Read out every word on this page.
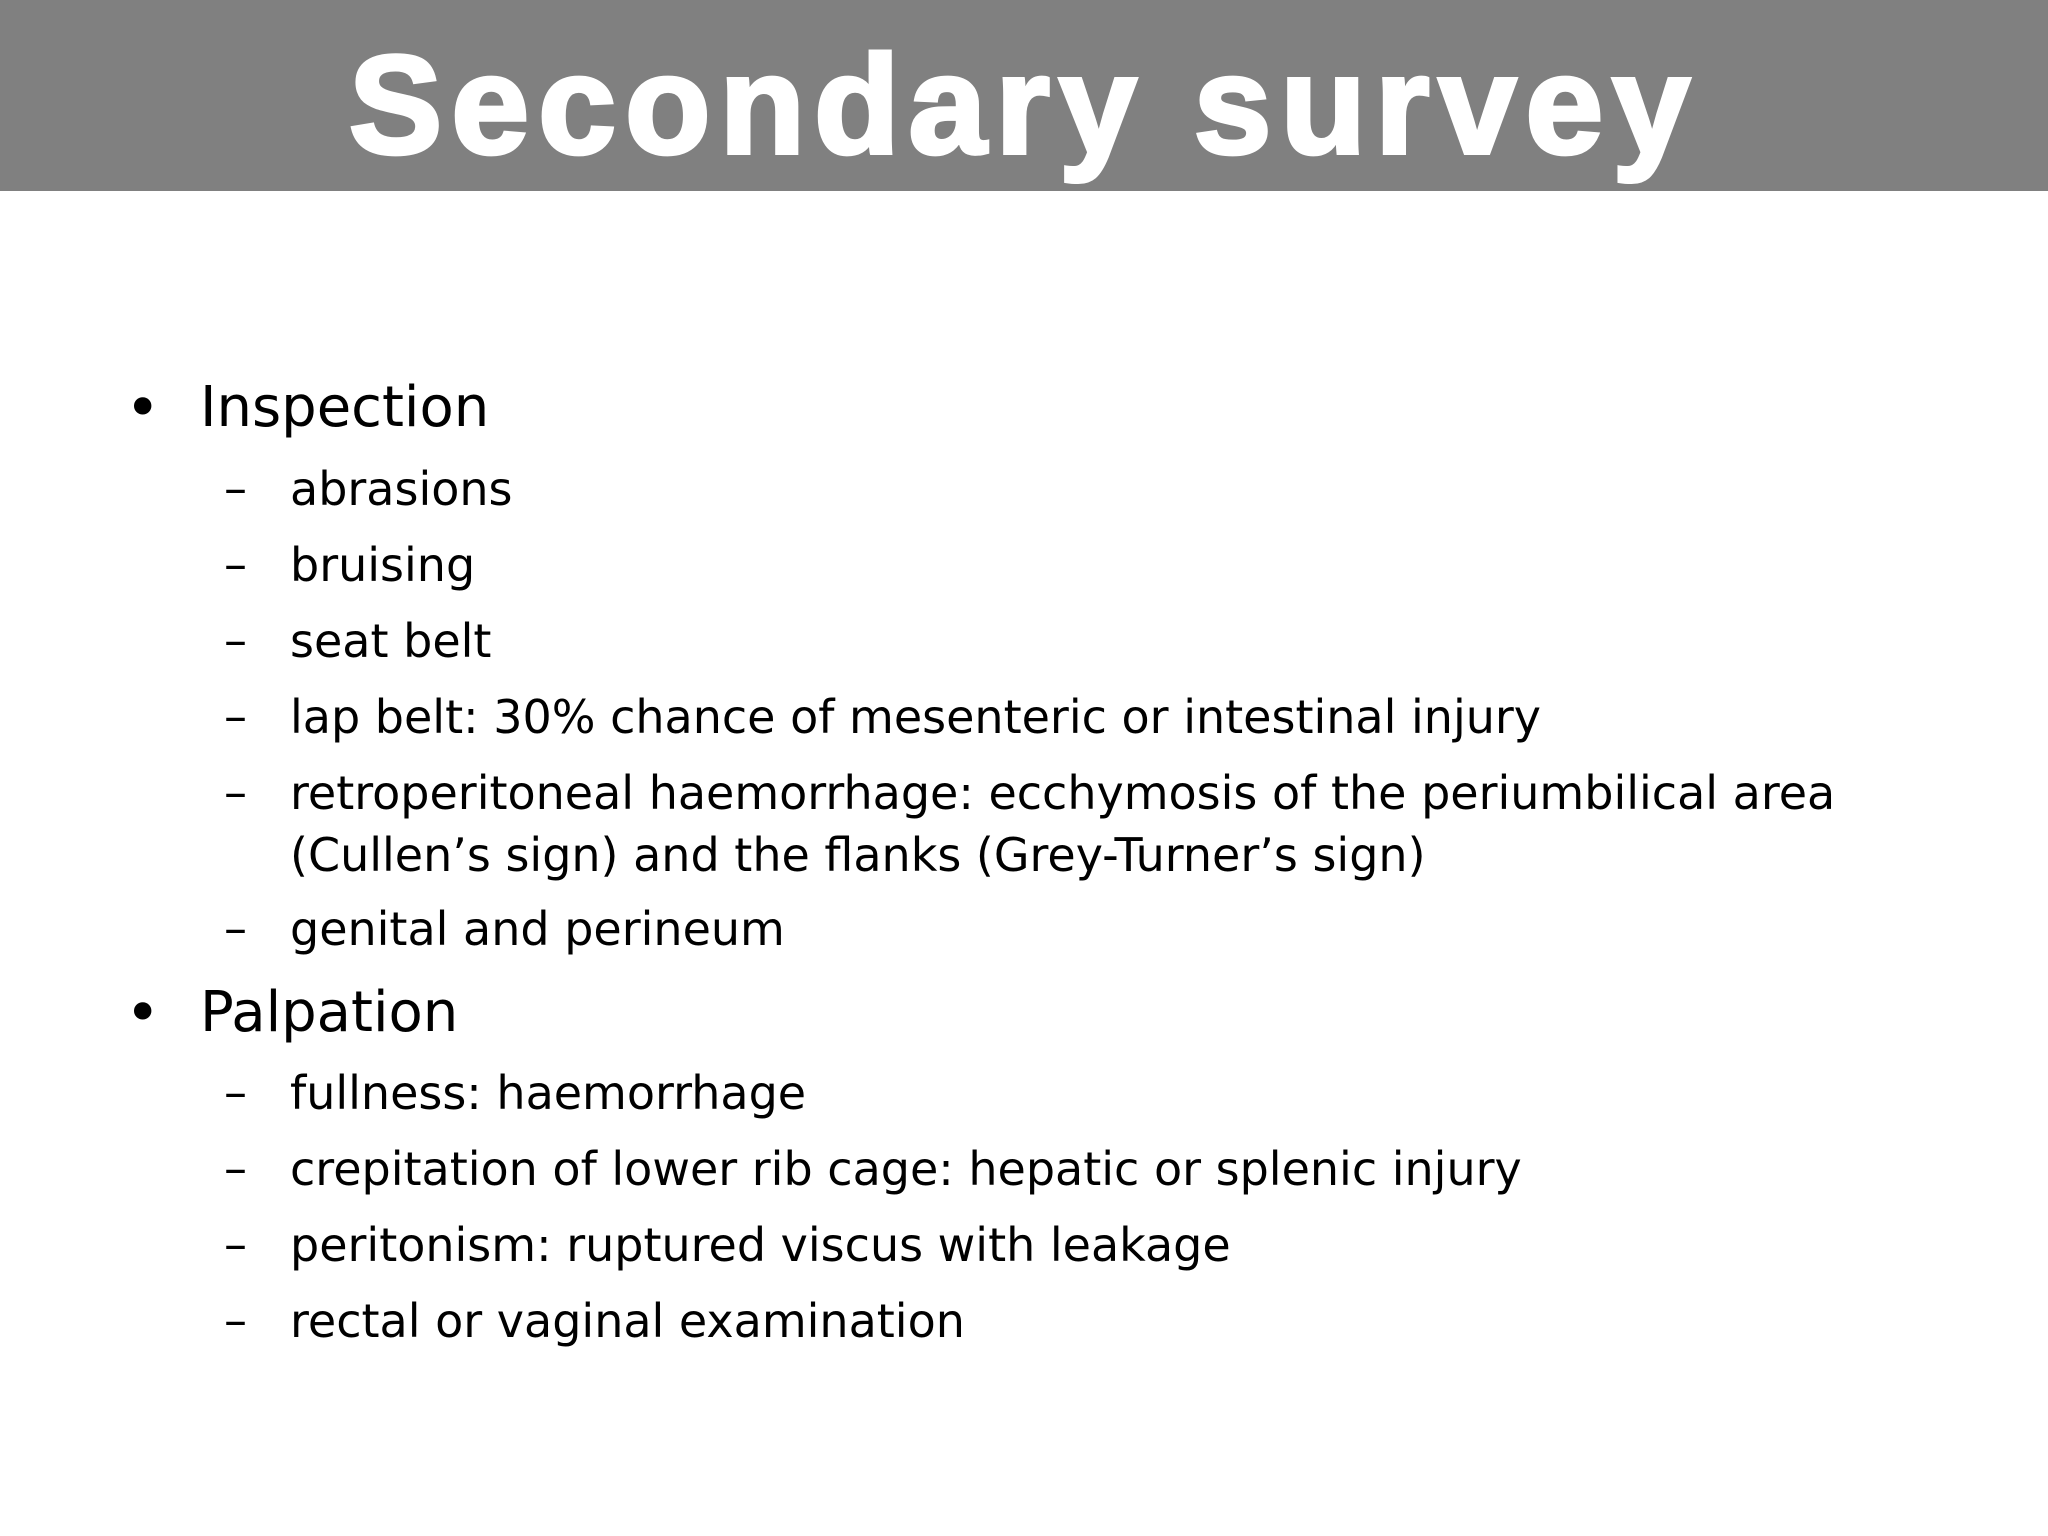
Secondary survey
• Inspection
– abrasions
– bruising
– seat belt
– lap belt: 30% chance of mesenteric or intestinal injury
– retroperitoneal haemorrhage: ecchymosis of the periumbilical area
(Cullen’s sign) and the flanks (Grey-Turner’s sign)
– genital and perineum
• Palpation
– fullness: haemorrhage
– crepitation of lower rib cage: hepatic or splenic injury
– peritonism: ruptured viscus with leakage
– rectal or vaginal examination
